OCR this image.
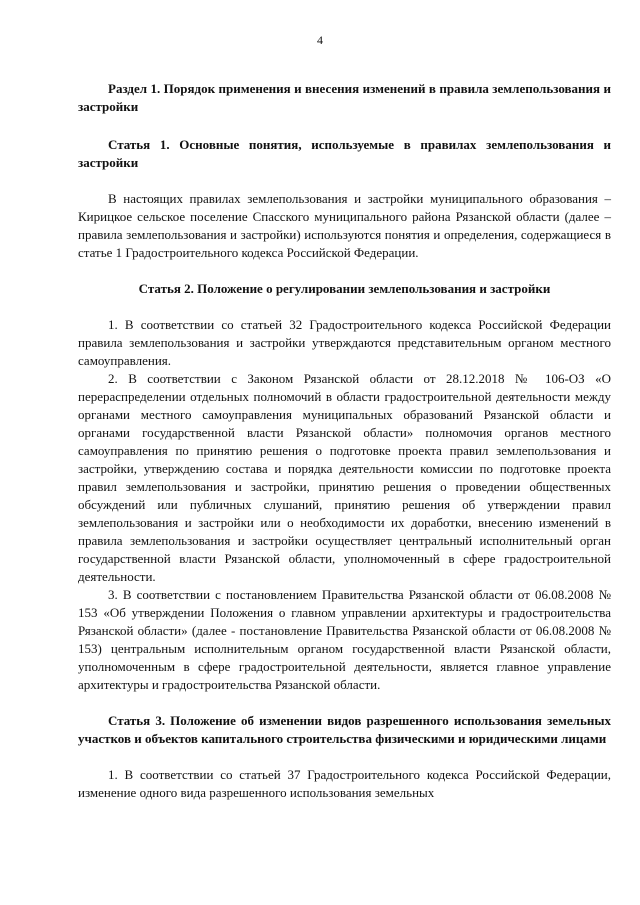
4

Раздел 1. Порядок применения и внесения изменений в правила землепользования и застройки

Статья 1. Основные понятия, используемые в правилах землепользования и застройки

В настоящих правилах землепользования и застройки муниципального образования – Кирицкое сельское поселение Спасского муниципального района Рязанской области (далее – правила землепользования и застройки) используются понятия и определения, содержащиеся в статье 1 Градостроительного кодекса Российской Федерации.

Статья 2. Положение о регулировании землепользования и застройки

1. В соответствии со статьей 32 Градостроительного кодекса Российской Федерации правила землепользования и застройки утверждаются представительным органом местного самоуправления.

2. В соответствии с Законом Рязанской области от 28.12.2018 № 106-ОЗ «О перераспределении отдельных полномочий в области градостроительной деятельности между органами местного самоуправления муниципальных образований Рязанской области и органами государственной власти Рязанской области» полномочия органов местного самоуправления по принятию решения о подготовке проекта правил землепользования и застройки, утверждению состава и порядка деятельности комиссии по подготовке проекта правил землепользования и застройки, принятию решения о проведении общественных обсуждений или публичных слушаний, принятию решения об утверждении правил землепользования и застройки или о необходимости их доработки, внесению изменений в правила землепользования и застройки осуществляет центральный исполнительный орган государственной власти Рязанской области, уполномоченный в сфере градостроительной деятельности.

3. В соответствии с постановлением Правительства Рязанской области от 06.08.2008 № 153 «Об утверждении Положения о главном управлении архитектуры и градостроительства Рязанской области» (далее - постановление Правительства Рязанской области от 06.08.2008 № 153) центральным исполнительным органом государственной власти Рязанской области, уполномоченным в сфере градостроительной деятельности, является главное управление архитектуры и градостроительства Рязанской области.

Статья 3. Положение об изменении видов разрешенного использования земельных участков и объектов капитального строительства физическими и юридическими лицами

1. В соответствии со статьей 37 Градостроительного кодекса Российской Федерации, изменение одного вида разрешенного использования земельных
